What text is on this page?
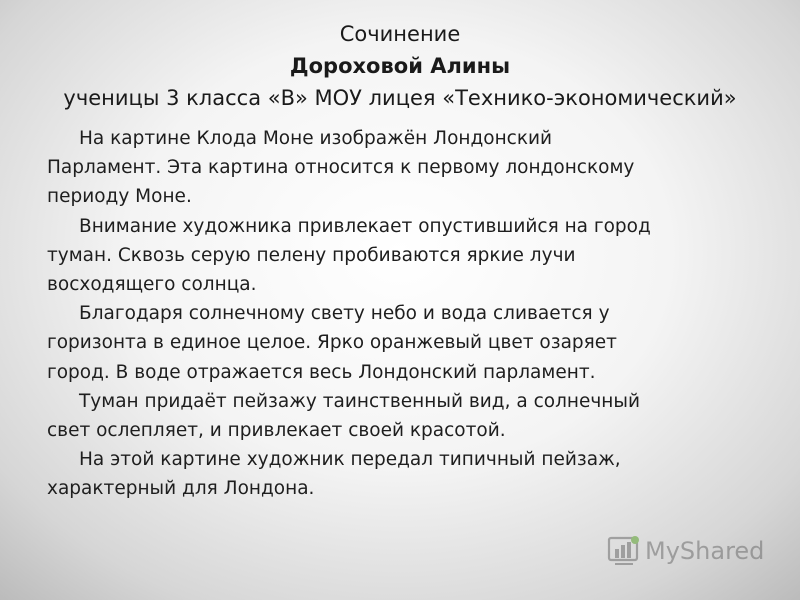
Сочинение
Дороховой Алины
ученицы 3 класса «В» МОУ лицея «Технико-экономический»

На картине Клода Моне изображён Лондонский
Парламент. Эта картина относится к первому лондонскому
периоду Моне.

Внимание художника привлекает опустившийся на город
туман. Сквозь серую пелену пробиваются яркие лучи
восходящего солнца.

Благодаря солнечному свету небо и вода сливается у
горизонта в единое целое. Ярко оранжевый цвет озаряет
город. В воде отражается весь Лондонский парламент.

Туман придаёт пейзажу таинственный вид, а солнечный
свет ослепляет, и привлекает своей красотой.

На этой картине художник передал типичный пейзаж,
характерный для Лондона.

MyShared
